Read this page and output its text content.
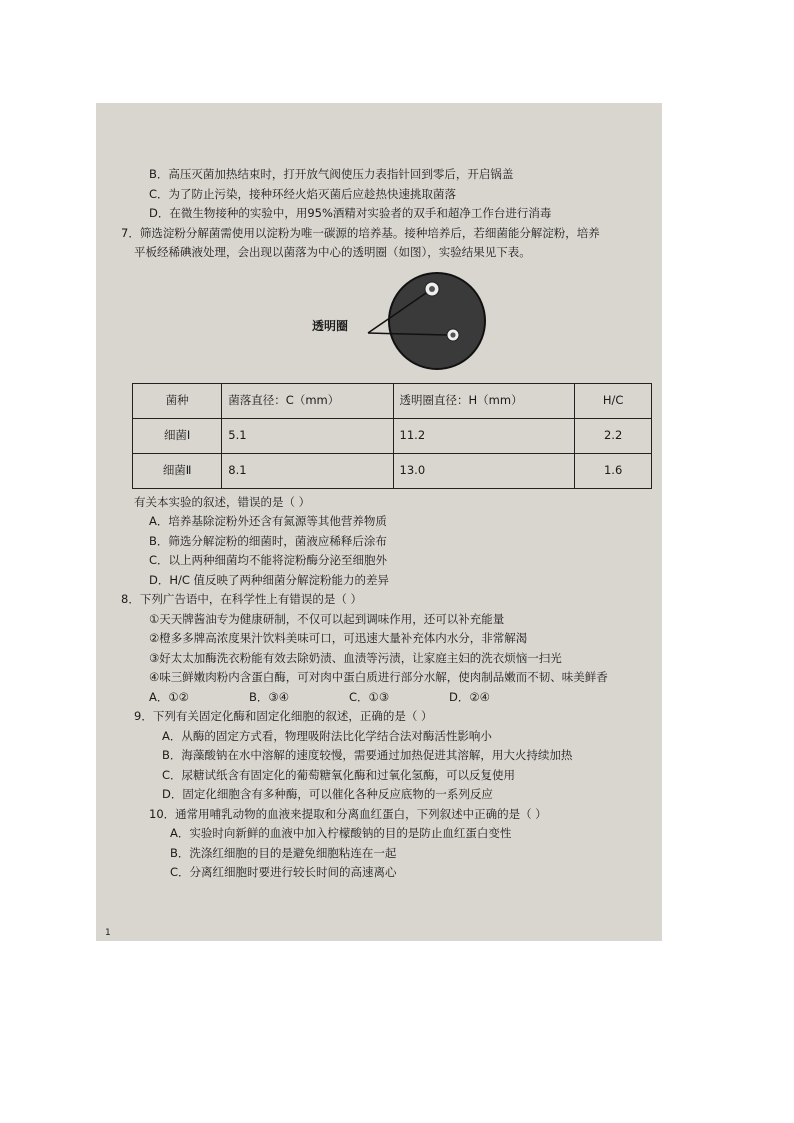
B．高压灭菌加热结束时，打开放气阀使压力表指针回到零后，开启锅盖
C．为了防止污染，接种环经火焰灭菌后应趁热快速挑取菌落
D．在微生物接种的实验中，用95%酒精对实验者的双手和超净工作台进行消毒
7．筛选淀粉分解菌需使用以淀粉为唯一碳源的培养基。接种培养后，若细菌能分解淀粉，培养
平板经稀碘液处理，会出现以菌落为中心的透明圈（如图），实验结果见下表。
透明圈
菌种	菌落直径：C（mm）	透明圈直径：H（mm）	H/C
细菌Ⅰ	5.1	11.2	2.2
细菌Ⅱ	8.1	13.0	1.6
有关本实验的叙述，错误的是（ ）
A．培养基除淀粉外还含有氮源等其他营养物质
B．筛选分解淀粉的细菌时，菌液应稀释后涂布
C．以上两种细菌均不能将淀粉酶分泌至细胞外
D．H/C 值反映了两种细菌分解淀粉能力的差异
8．下列广告语中，在科学性上有错误的是（ ）
①天天牌酱油专为健康研制，不仅可以起到调味作用，还可以补充能量
②橙多多牌高浓度果汁饮料美味可口，可迅速大量补充体内水分，非常解渴
③好太太加酶洗衣粉能有效去除奶渍、血渍等污渍，让家庭主妇的洗衣烦恼一扫光
④味三鲜嫩肉粉内含蛋白酶，可对肉中蛋白质进行部分水解，使肉制品嫩而不韧、味美鲜香
A．①②	B．③④	C．①③	D．②④
9．下列有关固定化酶和固定化细胞的叙述，正确的是（ ）
A．从酶的固定方式看，物理吸附法比化学结合法对酶活性影响小
B．海藻酸钠在水中溶解的速度较慢，需要通过加热促进其溶解，用大火持续加热
C．尿糖试纸含有固定化的葡萄糖氧化酶和过氧化氢酶，可以反复使用
D．固定化细胞含有多种酶，可以催化各种反应底物的一系列反应
10．通常用哺乳动物的血液来提取和分离血红蛋白，下列叙述中正确的是（ ）
A．实验时向新鲜的血液中加入柠檬酸钠的目的是防止血红蛋白变性
B．洗涤红细胞的目的是避免细胞粘连在一起
C．分离红细胞时要进行较长时间的高速离心
1
